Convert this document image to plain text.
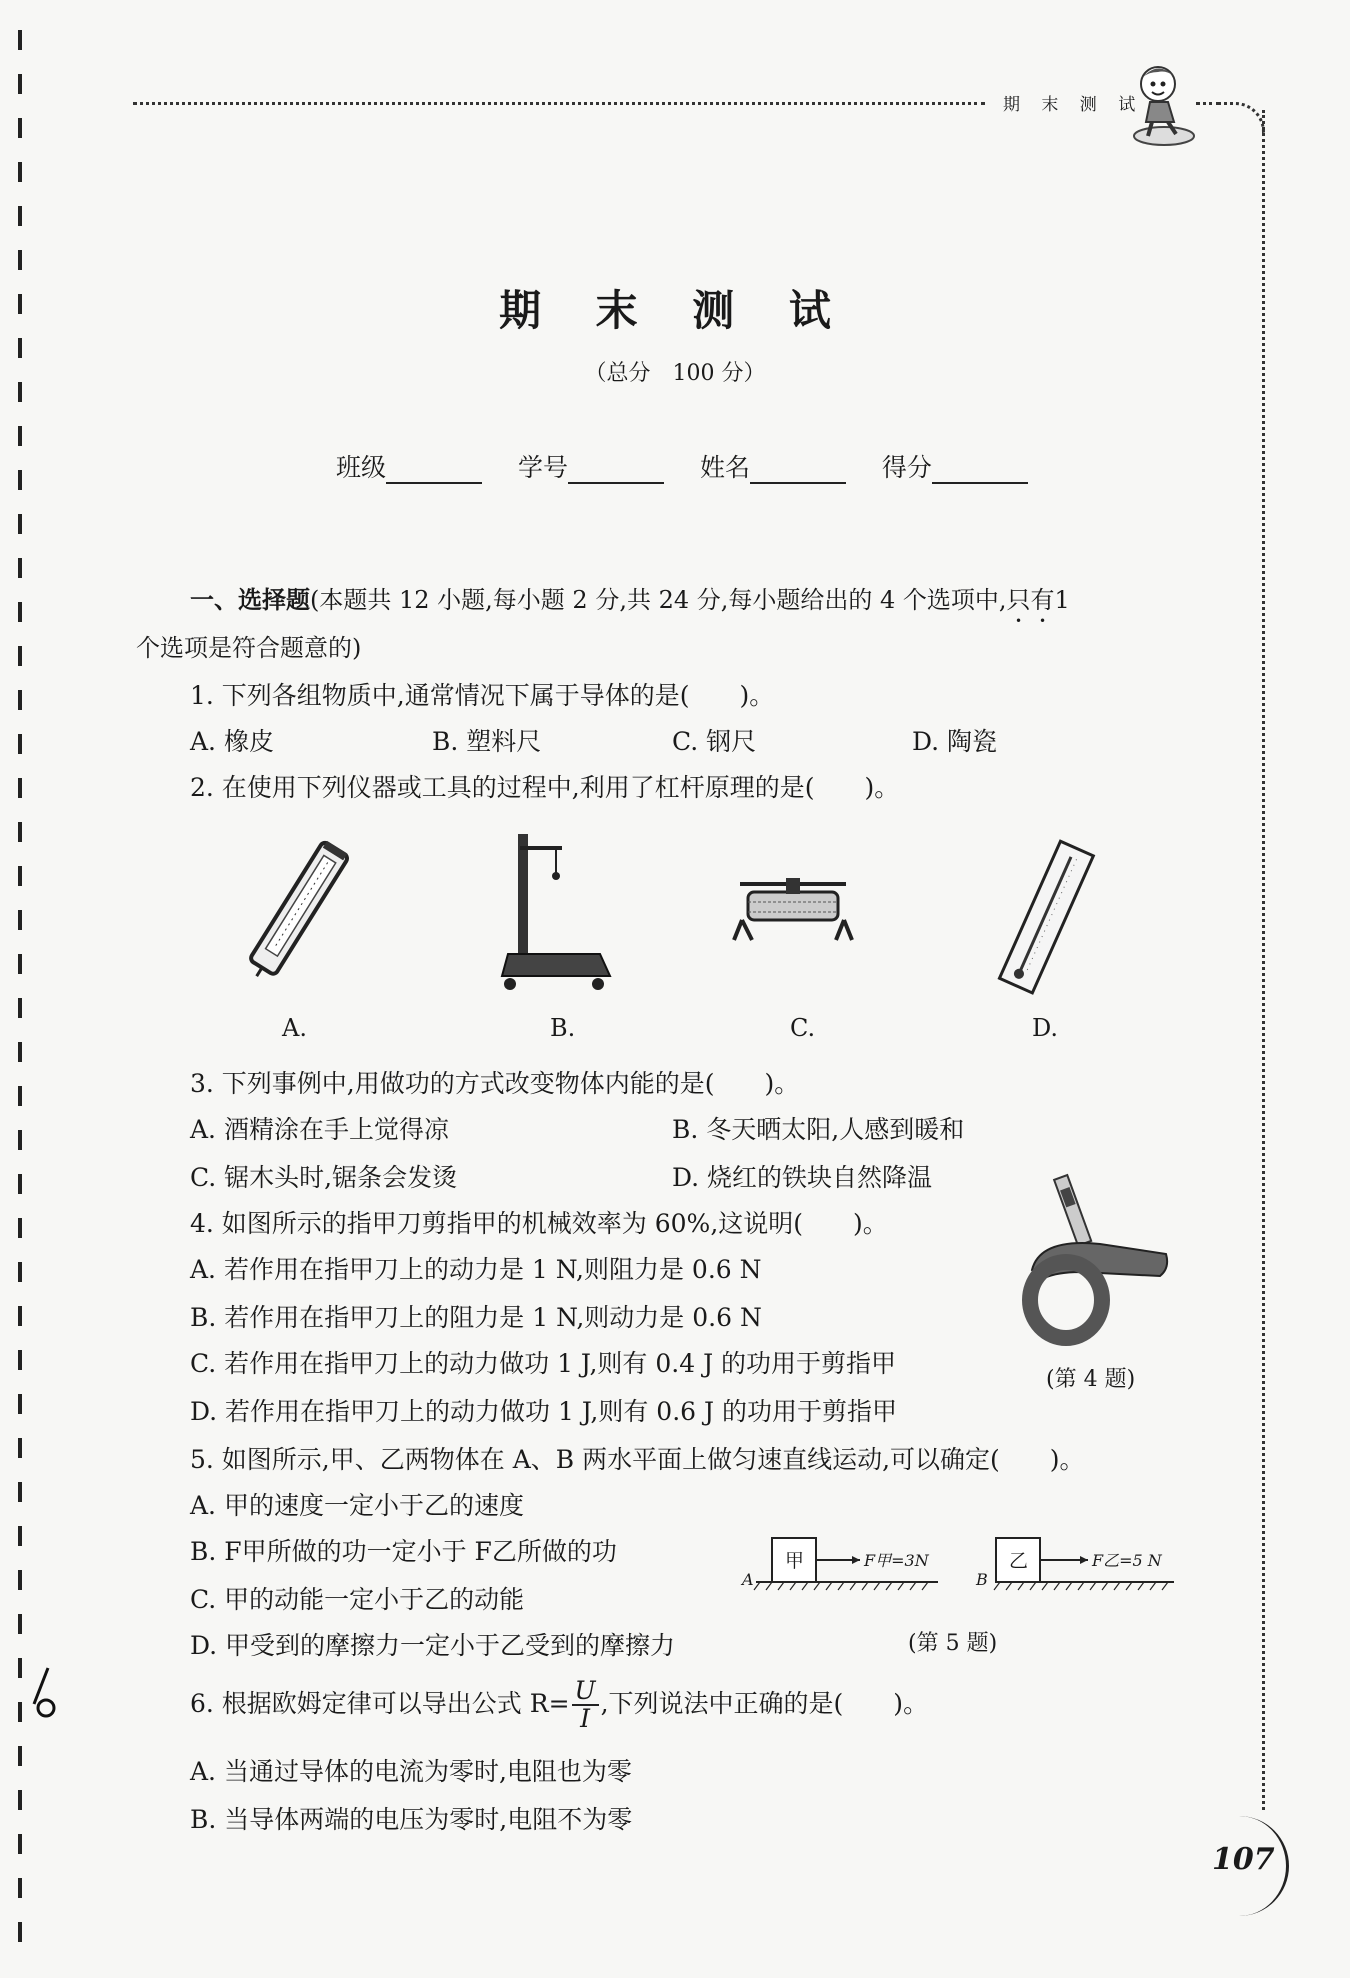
期 末 测 试
期 末 测 试
（总分　100 分）
班级	学号	姓名	得分
一、选择题(本题共 12 小题,每小题 2 分,共 24 分,每小题给出的 4 个选项中,只有1
个选项是符合题意的)
1. 下列各组物质中,通常情况下属于导体的是(　　)。
A. 橡皮	B. 塑料尺	C. 钢尺	D. 陶瓷
2. 在使用下列仪器或工具的过程中,利用了杠杆原理的是(　　)。
A.	B.	C.	D.
3. 下列事例中,用做功的方式改变物体内能的是(　　)。
A. 酒精涂在手上觉得凉	B. 冬天晒太阳,人感到暖和
C. 锯木头时,锯条会发烫	D. 烧红的铁块自然降温
4. 如图所示的指甲刀剪指甲的机械效率为 60%,这说明(　　)。
A. 若作用在指甲刀上的动力是 1 N,则阻力是 0.6 N
B. 若作用在指甲刀上的阻力是 1 N,则动力是 0.6 N
C. 若作用在指甲刀上的动力做功 1 J,则有 0.4 J 的功用于剪指甲
D. 若作用在指甲刀上的动力做功 1 J,则有 0.6 J 的功用于剪指甲
(第 4 题)
5. 如图所示,甲、乙两物体在 A、B 两水平面上做匀速直线运动,可以确定(　　)。
A. 甲的速度一定小于乙的速度
B. F甲所做的功一定小于 F乙所做的功
C. 甲的动能一定小于乙的动能
D. 甲受到的摩擦力一定小于乙受到的摩擦力
甲	F甲=3N
A
乙	F乙=5 N
B
(第 5 题)
6. 根据欧姆定律可以导出公式 $R= \frac{U}{I}$ ,下列说法中正确的是(　　)。
A. 当通过导体的电流为零时,电阻也为零
B. 当导体两端的电压为零时,电阻不为零
107
